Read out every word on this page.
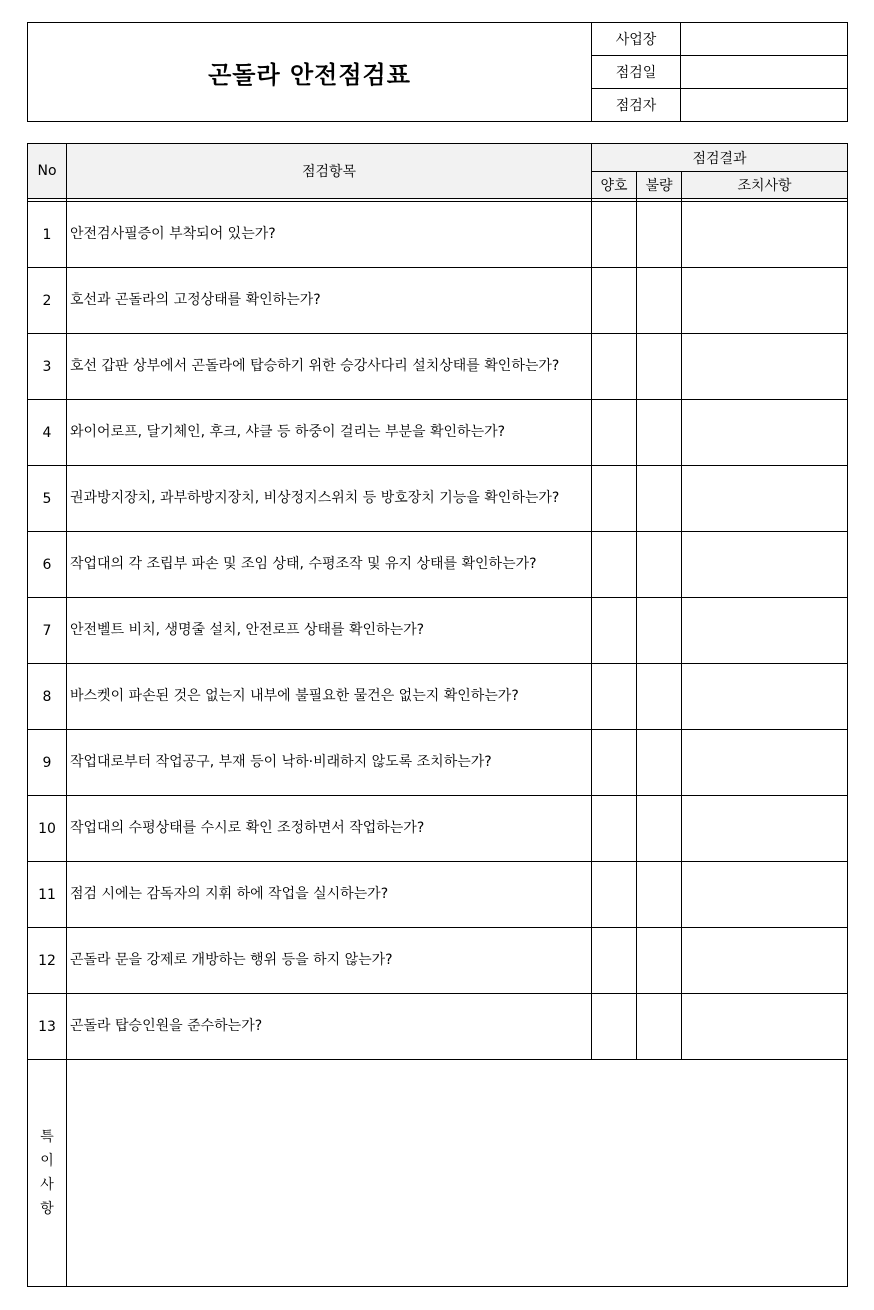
곤돌라 안전점검표	사업장	
	점검일	
	점검자	
No	점검항목	점검결과		
		양호	불량	조치사항

1	안전검사필증이 부착되어 있는가?			
2	호선과 곤돌라의 고정상태를 확인하는가?			
3	호선 갑판 상부에서 곤돌라에 탑승하기 위한 승강사다리 설치상태를 확인하는가?			
4	와이어로프, 달기체인, 후크, 샤클 등 하중이 걸리는 부분을 확인하는가?			
5	권과방지장치, 과부하방지장치, 비상정지스위치 등 방호장치 기능을 확인하는가?			
6	작업대의 각 조립부 파손 및 조임 상태, 수평조작 및 유지 상태를 확인하는가?			
7	안전벨트 비치, 생명줄 설치, 안전로프 상태를 확인하는가?			
8	바스켓이 파손된 것은 없는지 내부에 불필요한 물건은 없는지 확인하는가?			
9	작업대로부터 작업공구, 부재 등이 낙하·비래하지 않도록 조치하는가?			
10	작업대의 수평상태를 수시로 확인 조정하면서 작업하는가?			
11	점검 시에는 감독자의 지휘 하에 작업을 실시하는가?			
12	곤돌라 문을 강제로 개방하는 행위 등을 하지 않는가?			
13	곤돌라 탑승인원을 준수하는가?			

특
이
사
항				
